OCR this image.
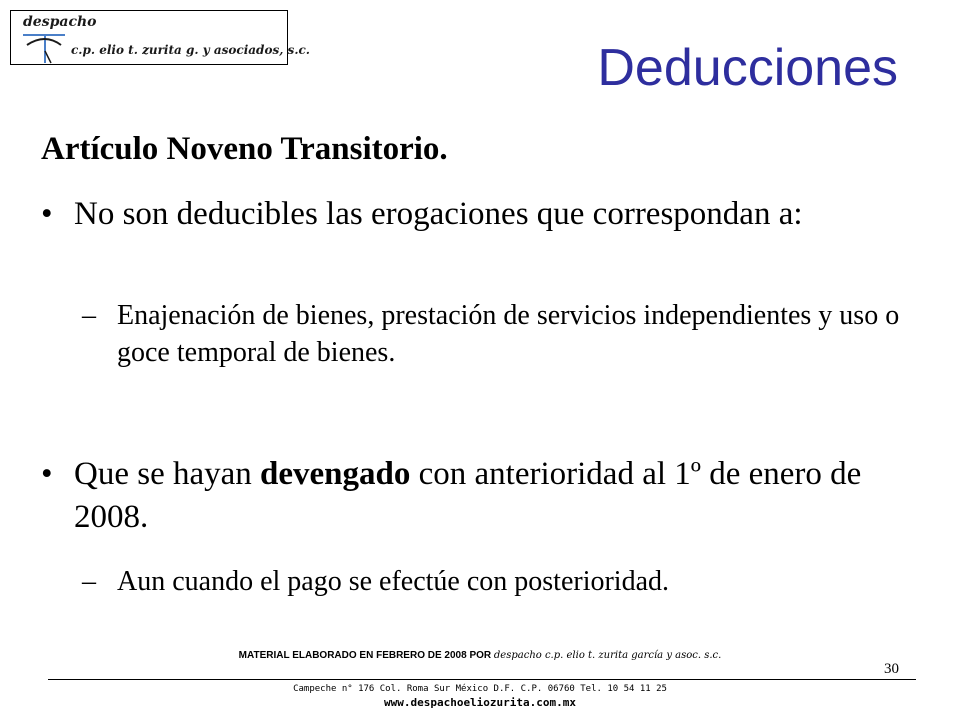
despacho
c.p. elio t. zurita g. y asociados, s.c.	Deducciones
Artículo Noveno Transitorio.
• No son deducibles las erogaciones que correspondan a:
– Enajenación de bienes, prestación de servicios independientes y uso o goce temporal de bienes.
• Que se hayan devengado con anterioridad al 1º de enero de 2008.
– Aun cuando el pago se efectúe con posterioridad.
MATERIAL ELABORADO EN FEBRERO DE 2008 POR despacho c.p. elio t. zurita garcía y asoc. s.c.
30
Campeche n° 176 Col. Roma Sur México D.F. C.P. 06760 Tel. 10 54 11 25
www.despachoeliozurita.com.mx
